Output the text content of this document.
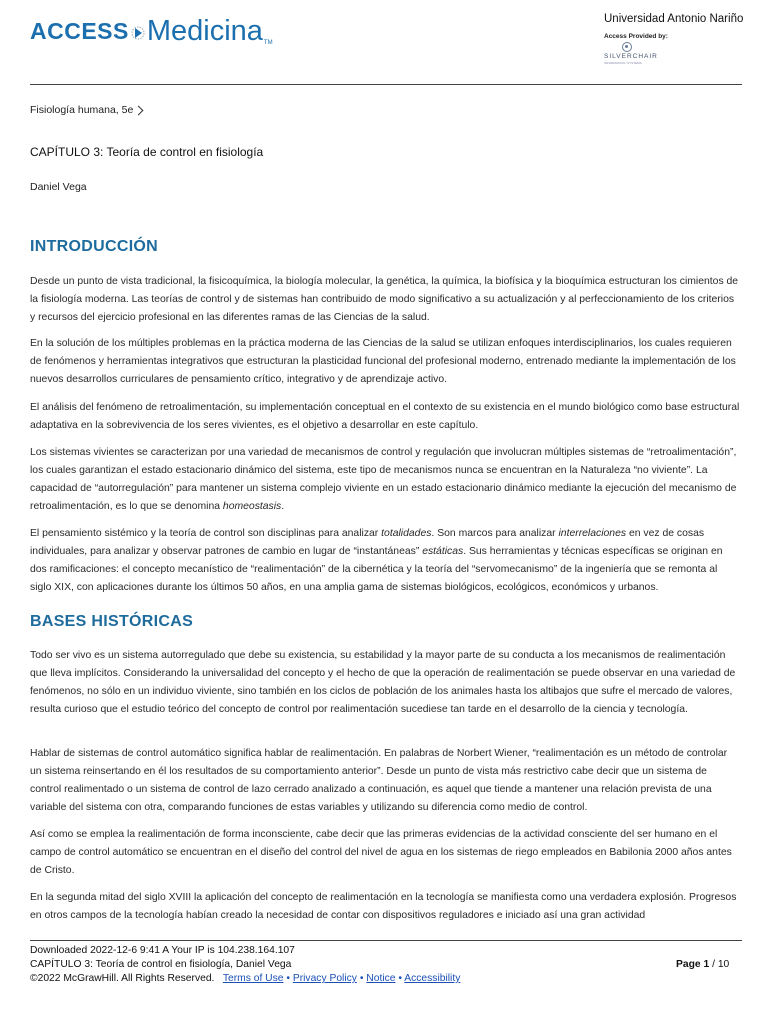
ACCESS Medicina TM
Universidad Antonio Nariño
Access Provided by:
SILVERCHAIR
INFORMATION / SYSTEMS
Fisiología humana, 5e
CAPÍTULO 3: Teoría de control en fisiología
Daniel Vega
INTRODUCCIÓN

Desde un punto de vista tradicional, la fisicoquímica, la biología molecular, la genética, la química, la biofísica y la bioquímica estructuran los cimientos de la fisiología moderna. Las teorías de control y de sistemas han contribuido de modo significativo a su actualización y al perfeccionamiento de los criterios y recursos del ejercicio profesional en las diferentes ramas de las Ciencias de la salud.

En la solución de los múltiples problemas en la práctica moderna de las Ciencias de la salud se utilizan enfoques interdisciplinarios, los cuales requieren de fenómenos y herramientas integrativos que estructuran la plasticidad funcional del profesional moderno, entrenado mediante la implementación de los nuevos desarrollos curriculares de pensamiento crítico, integrativo y de aprendizaje activo.

El análisis del fenómeno de retroalimentación, su implementación conceptual en el contexto de su existencia en el mundo biológico como base estructural adaptativa en la sobrevivencia de los seres vivientes, es el objetivo a desarrollar en este capítulo.

Los sistemas vivientes se caracterizan por una variedad de mecanismos de control y regulación que involucran múltiples sistemas de “retroalimentación”, los cuales garantizan el estado estacionario dinámico del sistema, este tipo de mecanismos nunca se encuentran en la Naturaleza “no viviente”. La capacidad de “autorregulación” para mantener un sistema complejo viviente en un estado estacionario dinámico mediante la ejecución del mecanismo de retroalimentación, es lo que se denomina homeostasis.

El pensamiento sistémico y la teoría de control son disciplinas para analizar totalidades. Son marcos para analizar interrelaciones en vez de cosas individuales, para analizar y observar patrones de cambio en lugar de “instantáneas” estáticas. Sus herramientas y técnicas específicas se originan en dos ramificaciones: el concepto mecanístico de “realimentación” de la cibernética y la teoría del “servomecanismo” de la ingeniería que se remonta al siglo XIX, con aplicaciones durante los últimos 50 años, en una amplia gama de sistemas biológicos, ecológicos, económicos y urbanos.

BASES HISTÓRICAS

Todo ser vivo es un sistema autorregulado que debe su existencia, su estabilidad y la mayor parte de su conducta a los mecanismos de realimentación que lleva implícitos. Considerando la universalidad del concepto y el hecho de que la operación de realimentación se puede observar en una variedad de fenómenos, no sólo en un individuo viviente, sino también en los ciclos de población de los animales hasta los altibajos que sufre el mercado de valores, resulta curioso que el estudio teórico del concepto de control por realimentación sucediese tan tarde en el desarrollo de la ciencia y tecnología.

Hablar de sistemas de control automático significa hablar de realimentación. En palabras de Norbert Wiener, “realimentación es un método de controlar un sistema reinsertando en él los resultados de su comportamiento anterior”. Desde un punto de vista más restrictivo cabe decir que un sistema de control realimentado o un sistema de control de lazo cerrado analizado a continuación, es aquel que tiende a mantener una relación prevista de una variable del sistema con otra, comparando funciones de estas variables y utilizando su diferencia como medio de control.

Así como se emplea la realimentación de forma inconsciente, cabe decir que las primeras evidencias de la actividad consciente del ser humano en el campo de control automático se encuentran en el diseño del control del nivel de agua en los sistemas de riego empleados en Babilonia 2000 años antes de Cristo.

En la segunda mitad del siglo XVIII la aplicación del concepto de realimentación en la tecnología se manifiesta como una verdadera explosión. Progresos en otros campos de la tecnología habían creado la necesidad de contar con dispositivos reguladores e iniciado así una gran actividad

Downloaded 2022-12-6 9:41 A Your IP is 104.238.164.107
CAPÍTULO 3: Teoría de control en fisiología, Daniel Vega
©2022 McGrawHill. All Rights Reserved. Terms of Use • Privacy Policy • Notice • Accessibility
Page 1 / 10
